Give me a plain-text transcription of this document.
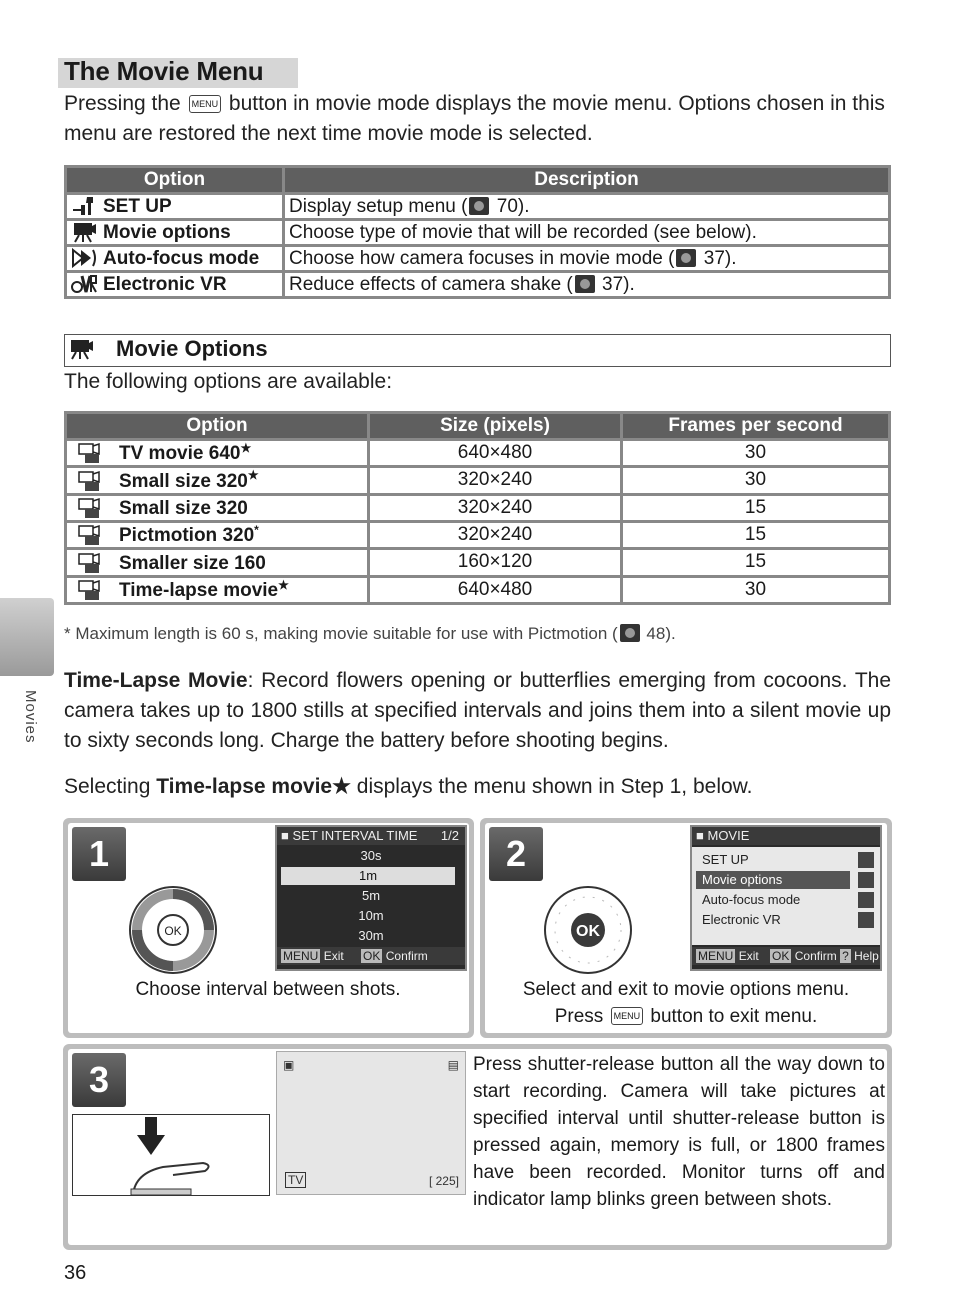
The Movie Menu
Pressing the MENU button in movie mode displays the movie menu. Options chosen in this menu are restored the next time movie mode is selected.
Option	Description
SET UP	Display setup menu ( 70).
Movie options	Choose type of movie that will be recorded (see below).
Auto-focus mode	Choose how camera focuses in movie mode ( 37).
Electronic VR	Reduce effects of camera shake ( 37).
Movie Options
The following options are available:
Option	Size (pixels)	Frames per second
TV movie 640★	640×480	30
Small size 320★	320×240	30
Small size 320	320×240	15
Pictmotion 320*	320×240	15
Smaller size 160	160×120	15
Time-lapse movie★	640×480	30
* Maximum length is 60 s, making movie suitable for use with Pictmotion ( 48).
Time-Lapse Movie: Record flowers opening or butterflies emerging from cocoons. The camera takes up to 1800 stills at specified intervals and joins them into a silent movie up to sixty seconds long. Charge the battery before shooting begins.
Selecting Time-lapse movie★ displays the menu shown in Step 1, below.
Movies
1
OK
■ SET INTERVAL TIME 1/2
30s
1m
5m
10m
30m
MENU Exit OK Confirm
Choose interval between shots.
2
OK
■ MOVIE
SET UP
Movie options
Auto-focus mode
Electronic VR
MENU Exit OK Confirm ? Help
Select and exit to movie options menu.
Press MENU button to exit menu.
3	▣	▤
TV	[ 225]
Press shutter-release button all the way down to start recording. Camera will take pictures at specified interval until shutter-release button is pressed again, memory is full, or 1800 frames have been recorded. Monitor turns off and indicator lamp blinks green between shots.
36
